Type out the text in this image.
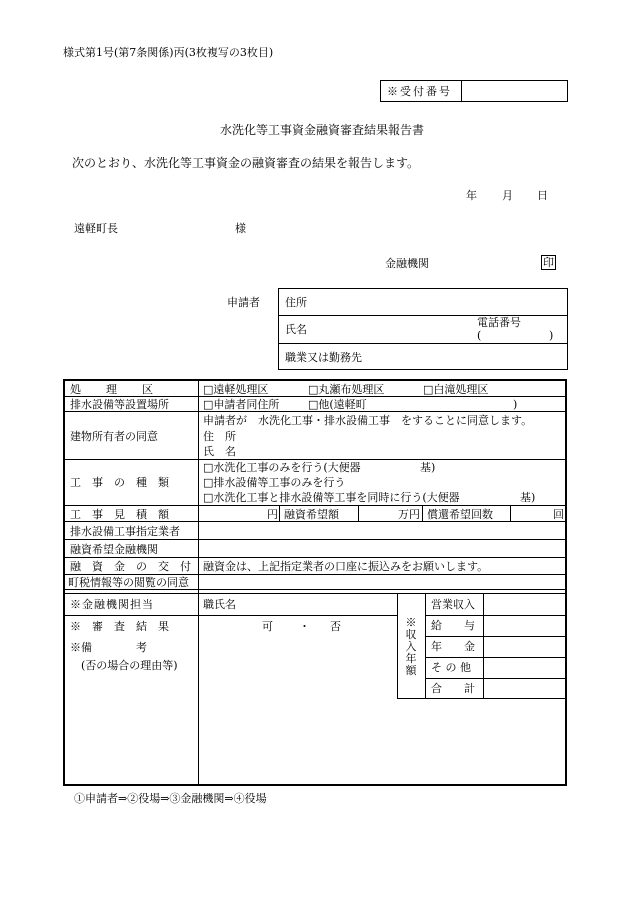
様式第1号(第7条関係)丙(3枚複写の3枚目)
※受付番号
水洗化等工事資金融資審査結果報告書
次のとおり、水洗化等工事資金の融資審査の結果を報告します。
年 月 日
遠軽町長	様
金融機関	印
申請者 住所
氏名
電話番号
(	)
職業又は勤務先
処　　理　　区	□遠軽処理区	□丸瀬布処理区	□白滝処理区
排水設備等設置場所	□申請者同住所	□他(遠軽町	)
建物所有者の同意
申請者が　水洗化工事・排水設備工事　をすることに同意します。
住　所
氏　名
工　事　の　種　類
□水洗化工事のみを行う(大便器	基)
□排水設備等工事のみを行う
□水洗化工事と排水設備等工事を同時に行う(大便器	基)
工　事　見　積　額	円 融資希望額	万円 償還希望回数	回
排水設備工事指定業者
融資希望金融機関
融　資　金　の　交　付 融資金は、上記指定業者の口座に振込みをお願いします。
町税情報等の閲覧の同意
※金融機関担当	職氏名
※　審　査　結　果	可 ・ 否
※備　　　　考
(否の場合の理由等)
※収入年額
営業収入
給　　与
年　　金
そ の 他
合　　計
①申請者⇒②役場⇒③金融機関⇒④役場
